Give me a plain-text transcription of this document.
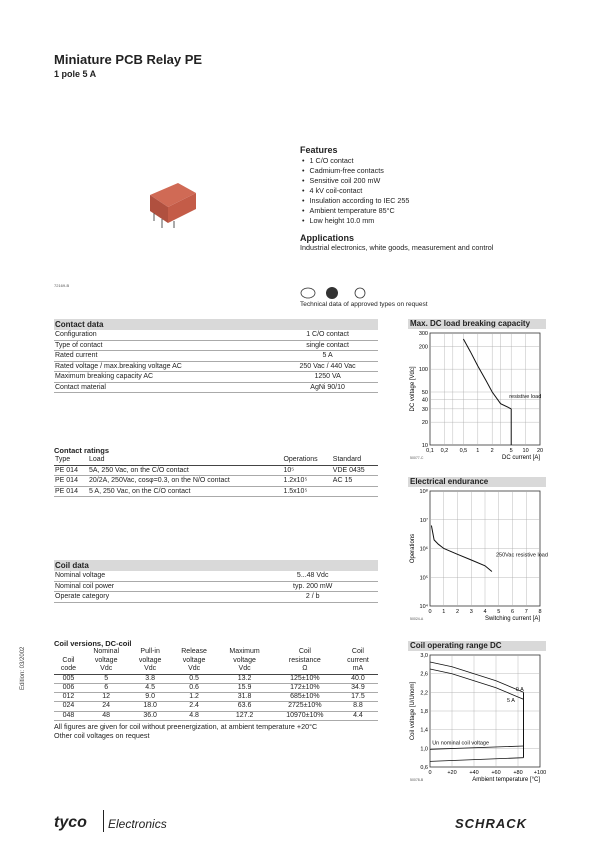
Miniature PCB Relay PE
1 pole 5 A
72169-B
Features
• 1 C/O contact
• Cadmium-free contacts
• Sensitive coil 200 mW
• 4 kV coil-contact
• Insulation according to IEC 255
• Ambient temperature 85°C
• Low height 10.0 mm
Applications
Industrial electronics, white goods, measurement and control
Technical data of approved types on request
Contact data
Configuration	1 C/O contact
Type of contact	single contact
Rated current	5 A
Rated voltage / max.breaking voltage AC	250 Vac / 440 Vac
Maximum breaking capacity AC	1250 VA
Contact material	AgNi 90/10
Contact ratings
Type	Load	Operations	Standard
PE 014	5A, 250 Vac, on the C/O contact	10⁵	VDE 0435
PE 014	20/2A, 250Vac, cosφ=0.3, on the N/O contact	1.2x10⁵	AC 15
PE 014	5 A, 250 Vac, on the C/O contact	1.5x10⁵	
Coil data
Nominal voltage	5...48 Vdc
Nominal coil power	typ. 200 mW
Operate category	2 / b
Coil versions, DC-coil
Coil
code	Nominal
voltage
Vdc	Pull-in
voltage
Vdc	Release
voltage
Vdc	Maximum
voltage
Vdc	Coil
resistance
Ω	Coil
current
mA
005	5	3.8	0.5	13.2	125±10%	40.0
006	6	4.5	0.6	15.9	172±10%	34.9
012	12	9.0	1.2	31.8	685±10%	17.5
024	24	18.0	2.4	63.6	2725±10%	8.8
048	48	36.0	4.8	127.2	10970±10%	4.4
All figures are given for coil without preenergization, at ambient temperature +20°C
Other coil voltages on request
Max. DC load breaking capacity
0,1 0,2 0,5 1 2	5 10 20
10
20
30
40
50
100
200
300
DC current [A]
DC voltage [Vdc]
50077-C
resistive load
Electrical endurance
0 1 2 3 4 5 6 7 8
10⁴
10⁵
10⁶
10⁷
10⁸
Switching current [A]
Operations
50024-A
250Vac resistive load
Coil operating range DC
0	+20 +40 +60 +80 +100
0,6
1,0
1,4
1,8
2,2
2,6
3,0
Ambient temperature [°C]
Coil voltage [U/Unom]
50078-B
0 A
5 A
Un nominal coil voltage
Edition: 03/2002
tyco Electronics	SCHRACK
